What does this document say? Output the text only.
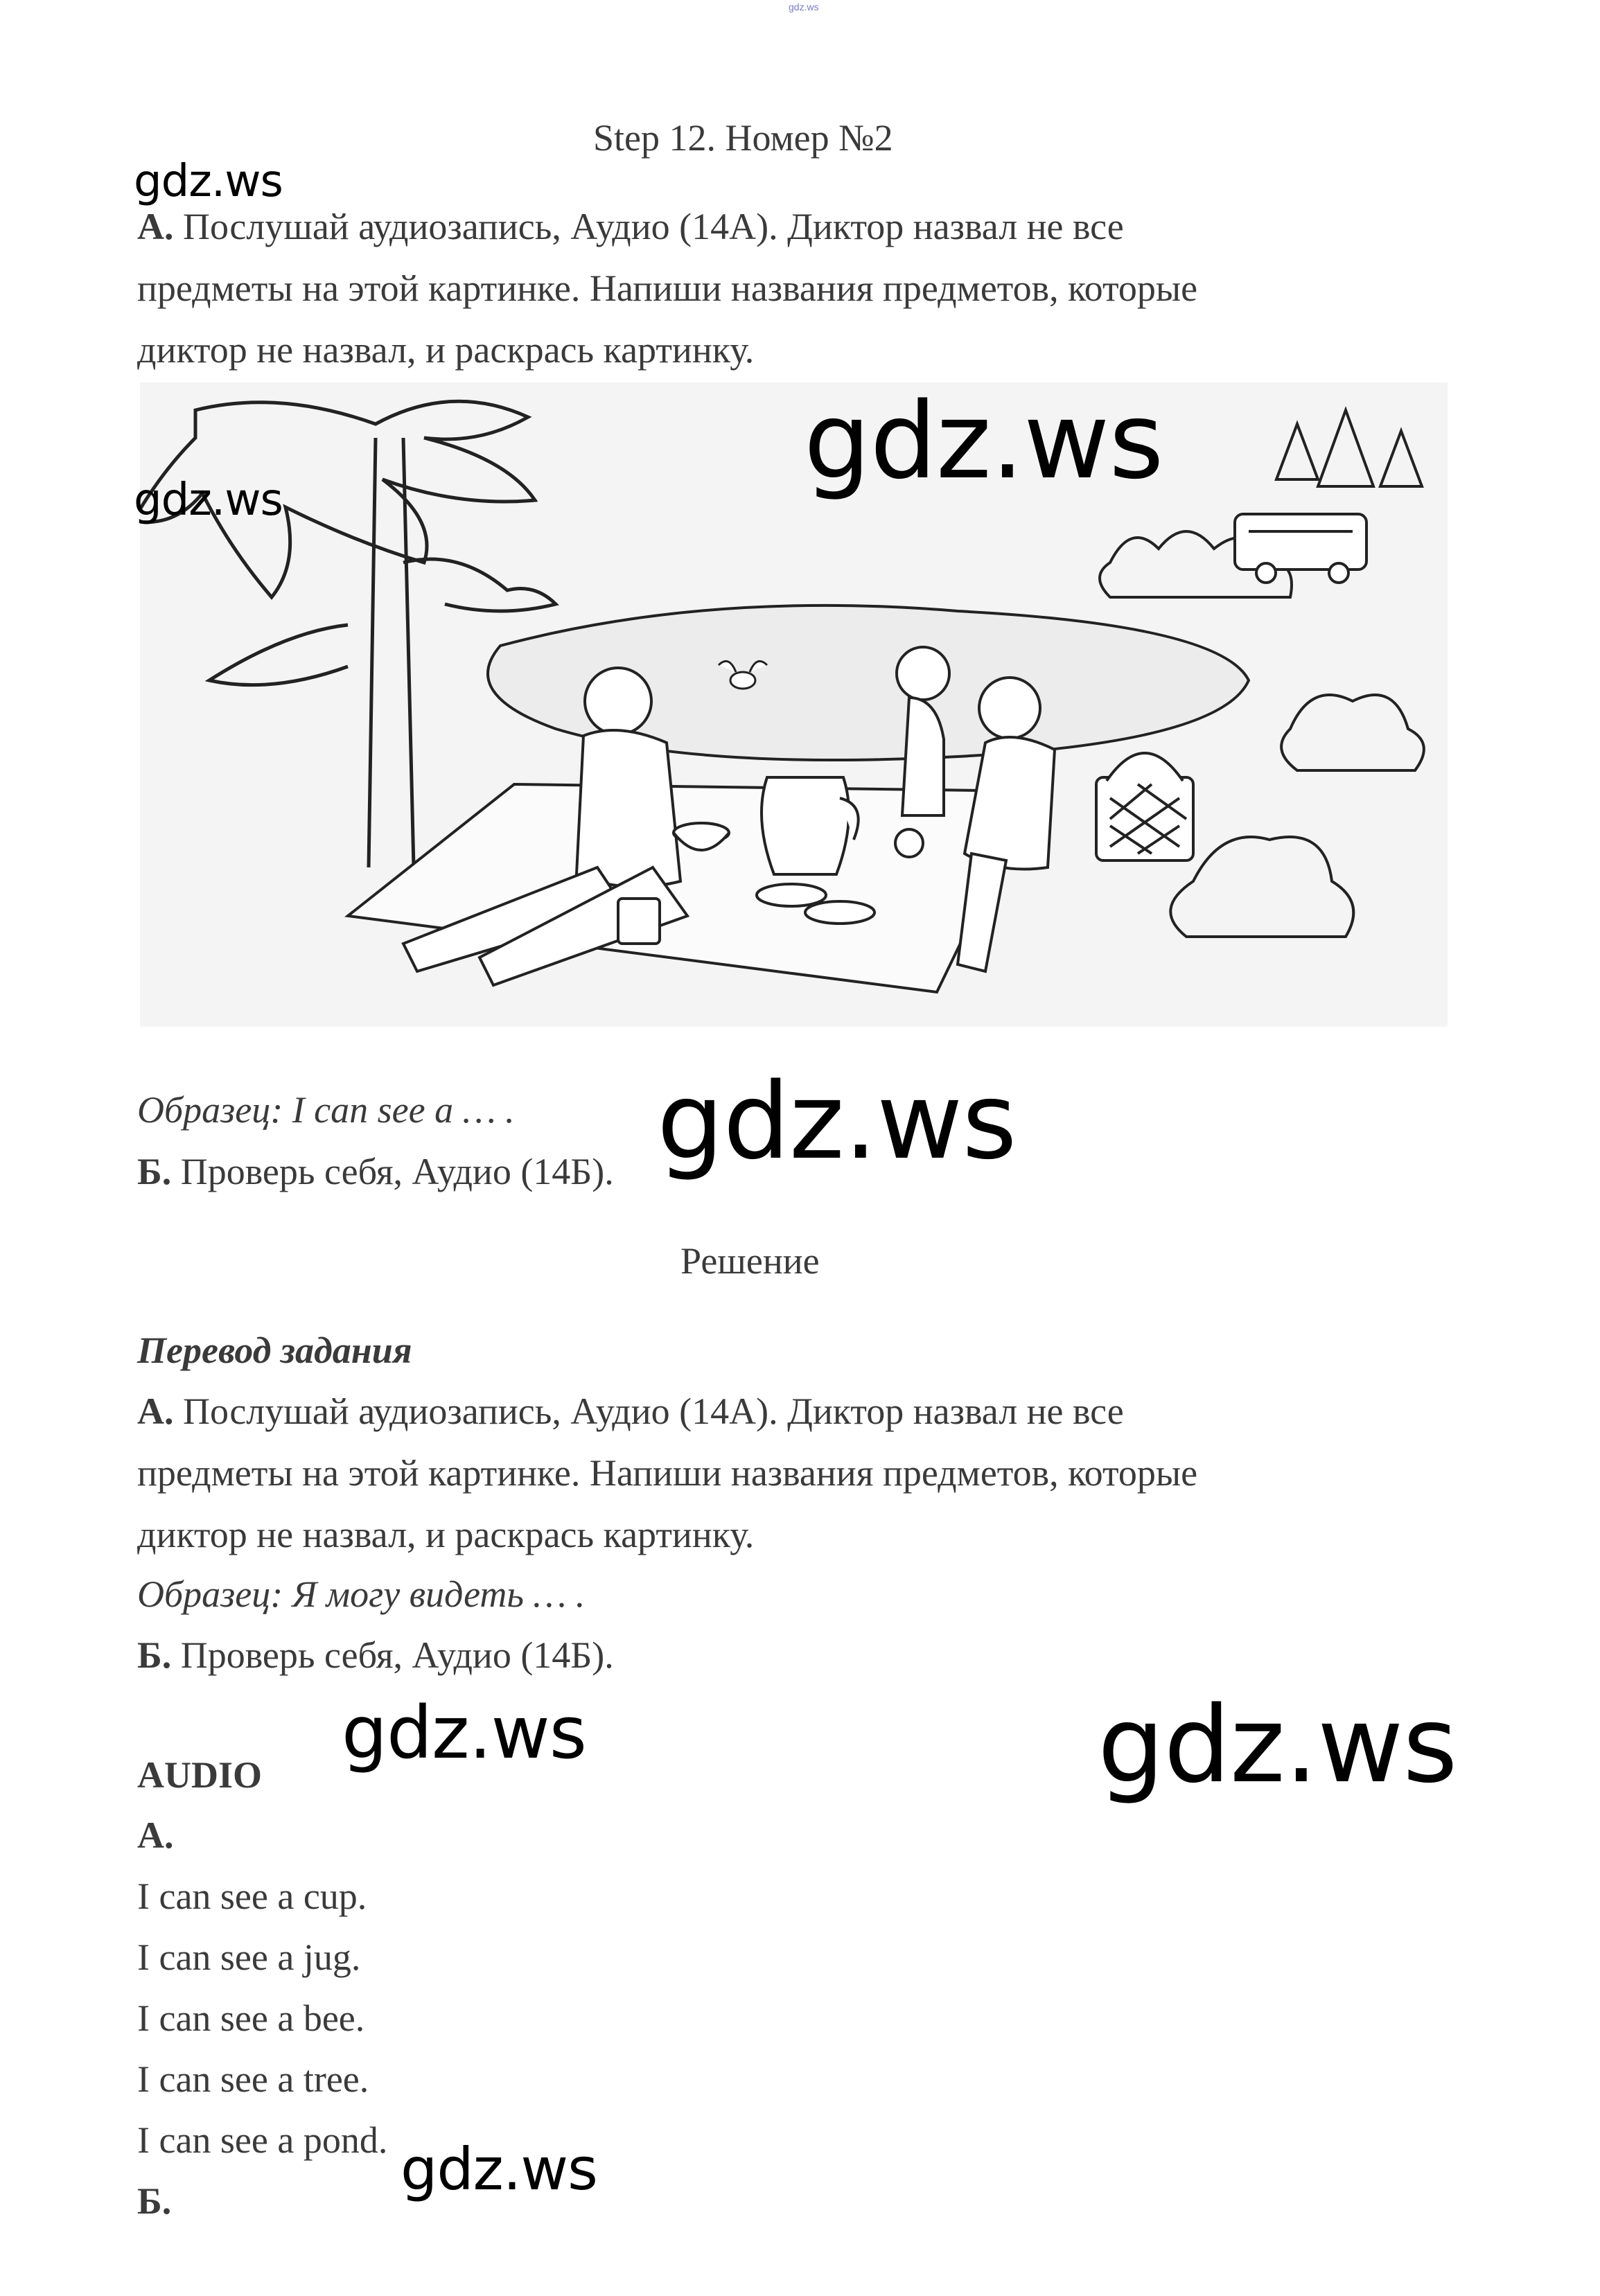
gdz.ws
Step 12. Номер №2
А. Послушай аудиозапись, Аудио (14А). Диктор назвал не все
предметы на этой картинке. Напиши названия предметов, которые
диктор не назвал, и раскрась картинку.
Образец: I can see a … .
Б. Проверь себя, Аудио (14Б).
Решение
Перевод задания
А. Послушай аудиозапись, Аудио (14А). Диктор назвал не все
предметы на этой картинке. Напиши названия предметов, которые
диктор не назвал, и раскрась картинку.
Образец: Я могу видеть … .
Б. Проверь себя, Аудио (14Б).
AUDIO
А.
I can see a cup.
I can see a jug.
I can see a bee.
I can see a tree.
I can see a pond.
Б.
gdz.ws
gdz.ws	gdz.ws
gdz.ws
gdz.ws	gdz.ws
gdz.ws
